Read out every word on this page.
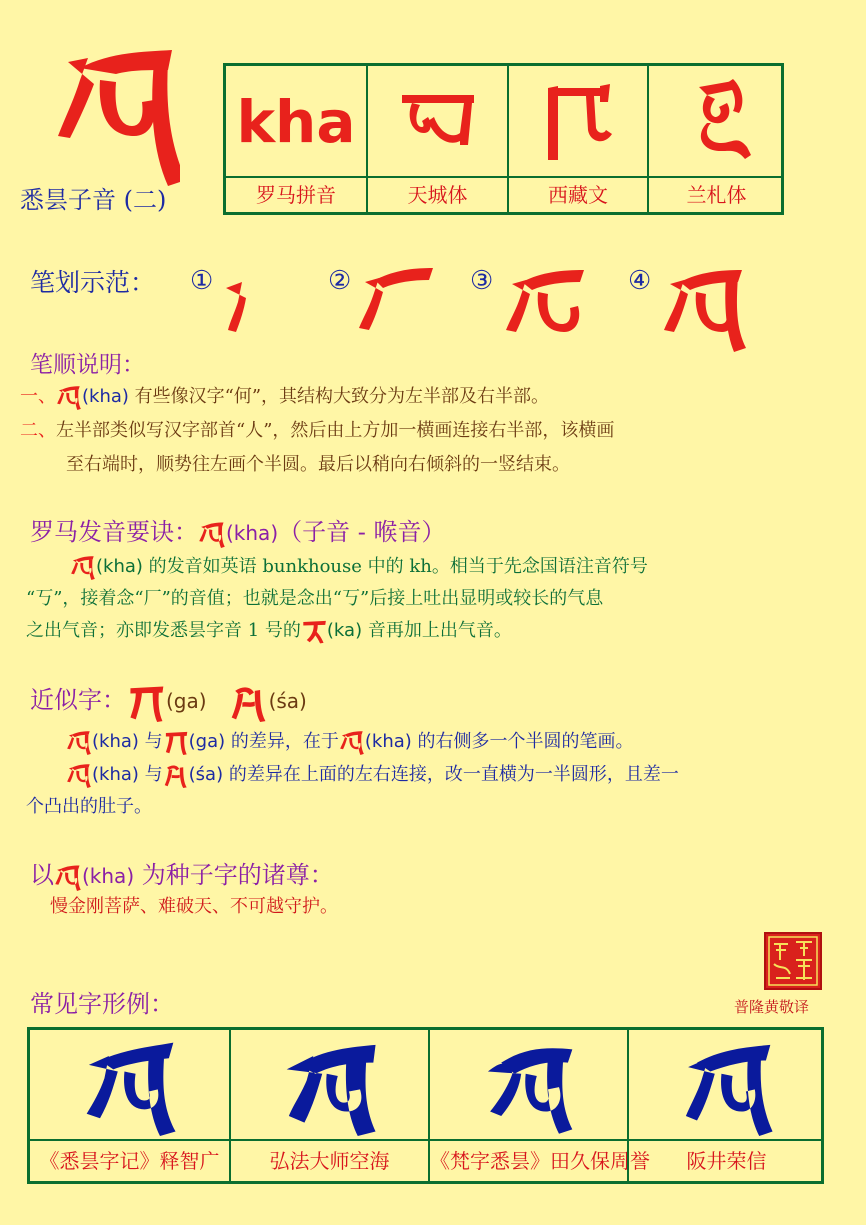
悉昙子音 (二)
kha
罗马拼音	天城体	西藏文	兰札体
笔划示范： ①	②	③	④
笔顺说明：
一、 (kha) 有些像汉字“何”，其结构大致分为左半部及右半部。
二、左半部类似写汉字部首“人”，然后由上方加一横画连接右半部，该横画
至右端时，顺势往左画个半圆。最后以稍向右倾斜的一竖结束。
罗马发音要诀： (kha)（子音 - 喉音）
(kha) 的发音如英语 bunkhouse 中的 kh。相当于先念国语注音符号
“丂”，接着念“厂”的音值；也就是念出“丂”后接上吐出显明或较长的气息
之出气音；亦即发悉昙字音 1 号的 (ka) 音再加上出气音。
近似字： (ga)	(śa)
(kha) 与 (ga) 的差异，在于 (kha) 的右侧多一个半圆的笔画。
(kha) 与 (śa) 的差异在上面的左右连接，改一直横为一半圆形，且差一
个凸出的肚子。
以 (kha) 为种子字的诸尊：
慢金刚菩萨、难破天、不可越守护。
普隆黄敬译
常见字形例：
《悉昙字记》释智广	弘法大师空海	《梵字悉昙》田久保周誉	阪井荣信
